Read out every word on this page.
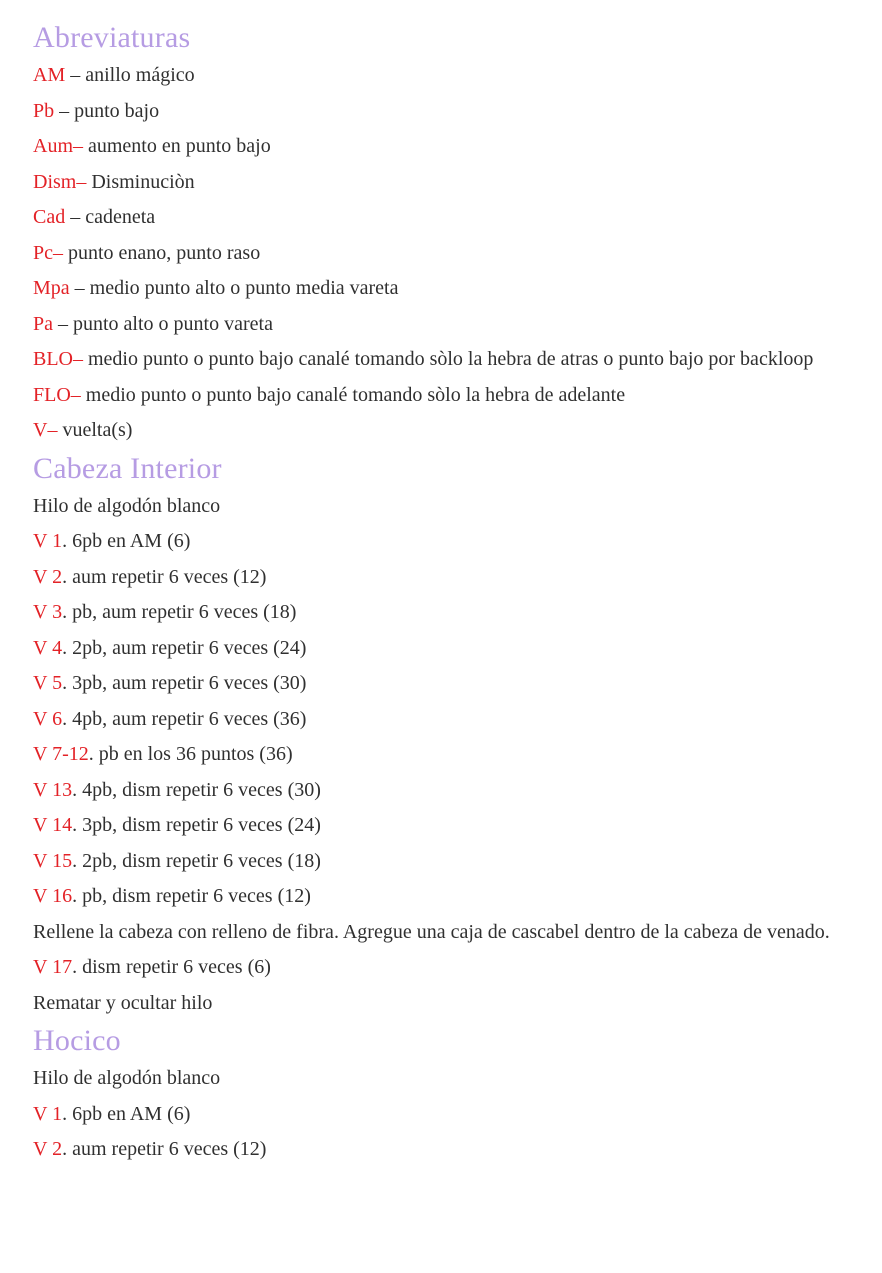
Abreviaturas

AM – anillo mágico

Pb – punto bajo

Aum– aumento en punto bajo

Dism– Disminuciòn

Cad – cadeneta

Pc– punto enano, punto raso

Mpa – medio punto alto o punto media vareta

Pa – punto alto o punto vareta

BLO– medio punto o punto bajo canalé tomando sòlo la hebra de atras o punto bajo por backloop

FLO– medio punto o punto bajo canalé tomando sòlo la hebra de adelante

V– vuelta(s)

Cabeza Interior

Hilo de algodón blanco

V 1. 6pb en AM (6)

V 2. aum repetir 6 veces (12)

V 3. pb, aum repetir 6 veces (18)

V 4. 2pb, aum repetir 6 veces (24)

V 5. 3pb, aum repetir 6 veces (30)

V 6. 4pb, aum repetir 6 veces (36)

V 7-12. pb en los 36 puntos (36)

V 13. 4pb, dism repetir 6 veces (30)

V 14. 3pb, dism repetir 6 veces (24)

V 15. 2pb, dism repetir 6 veces (18)

V 16. pb, dism repetir 6 veces (12)

Rellene la cabeza con relleno de fibra. Agregue una caja de cascabel dentro de la cabeza de venado.

V 17. dism repetir 6 veces (6)

Rematar y ocultar hilo

Hocico

Hilo de algodón blanco

V 1. 6pb en AM (6)

V 2. aum repetir 6 veces (12)
